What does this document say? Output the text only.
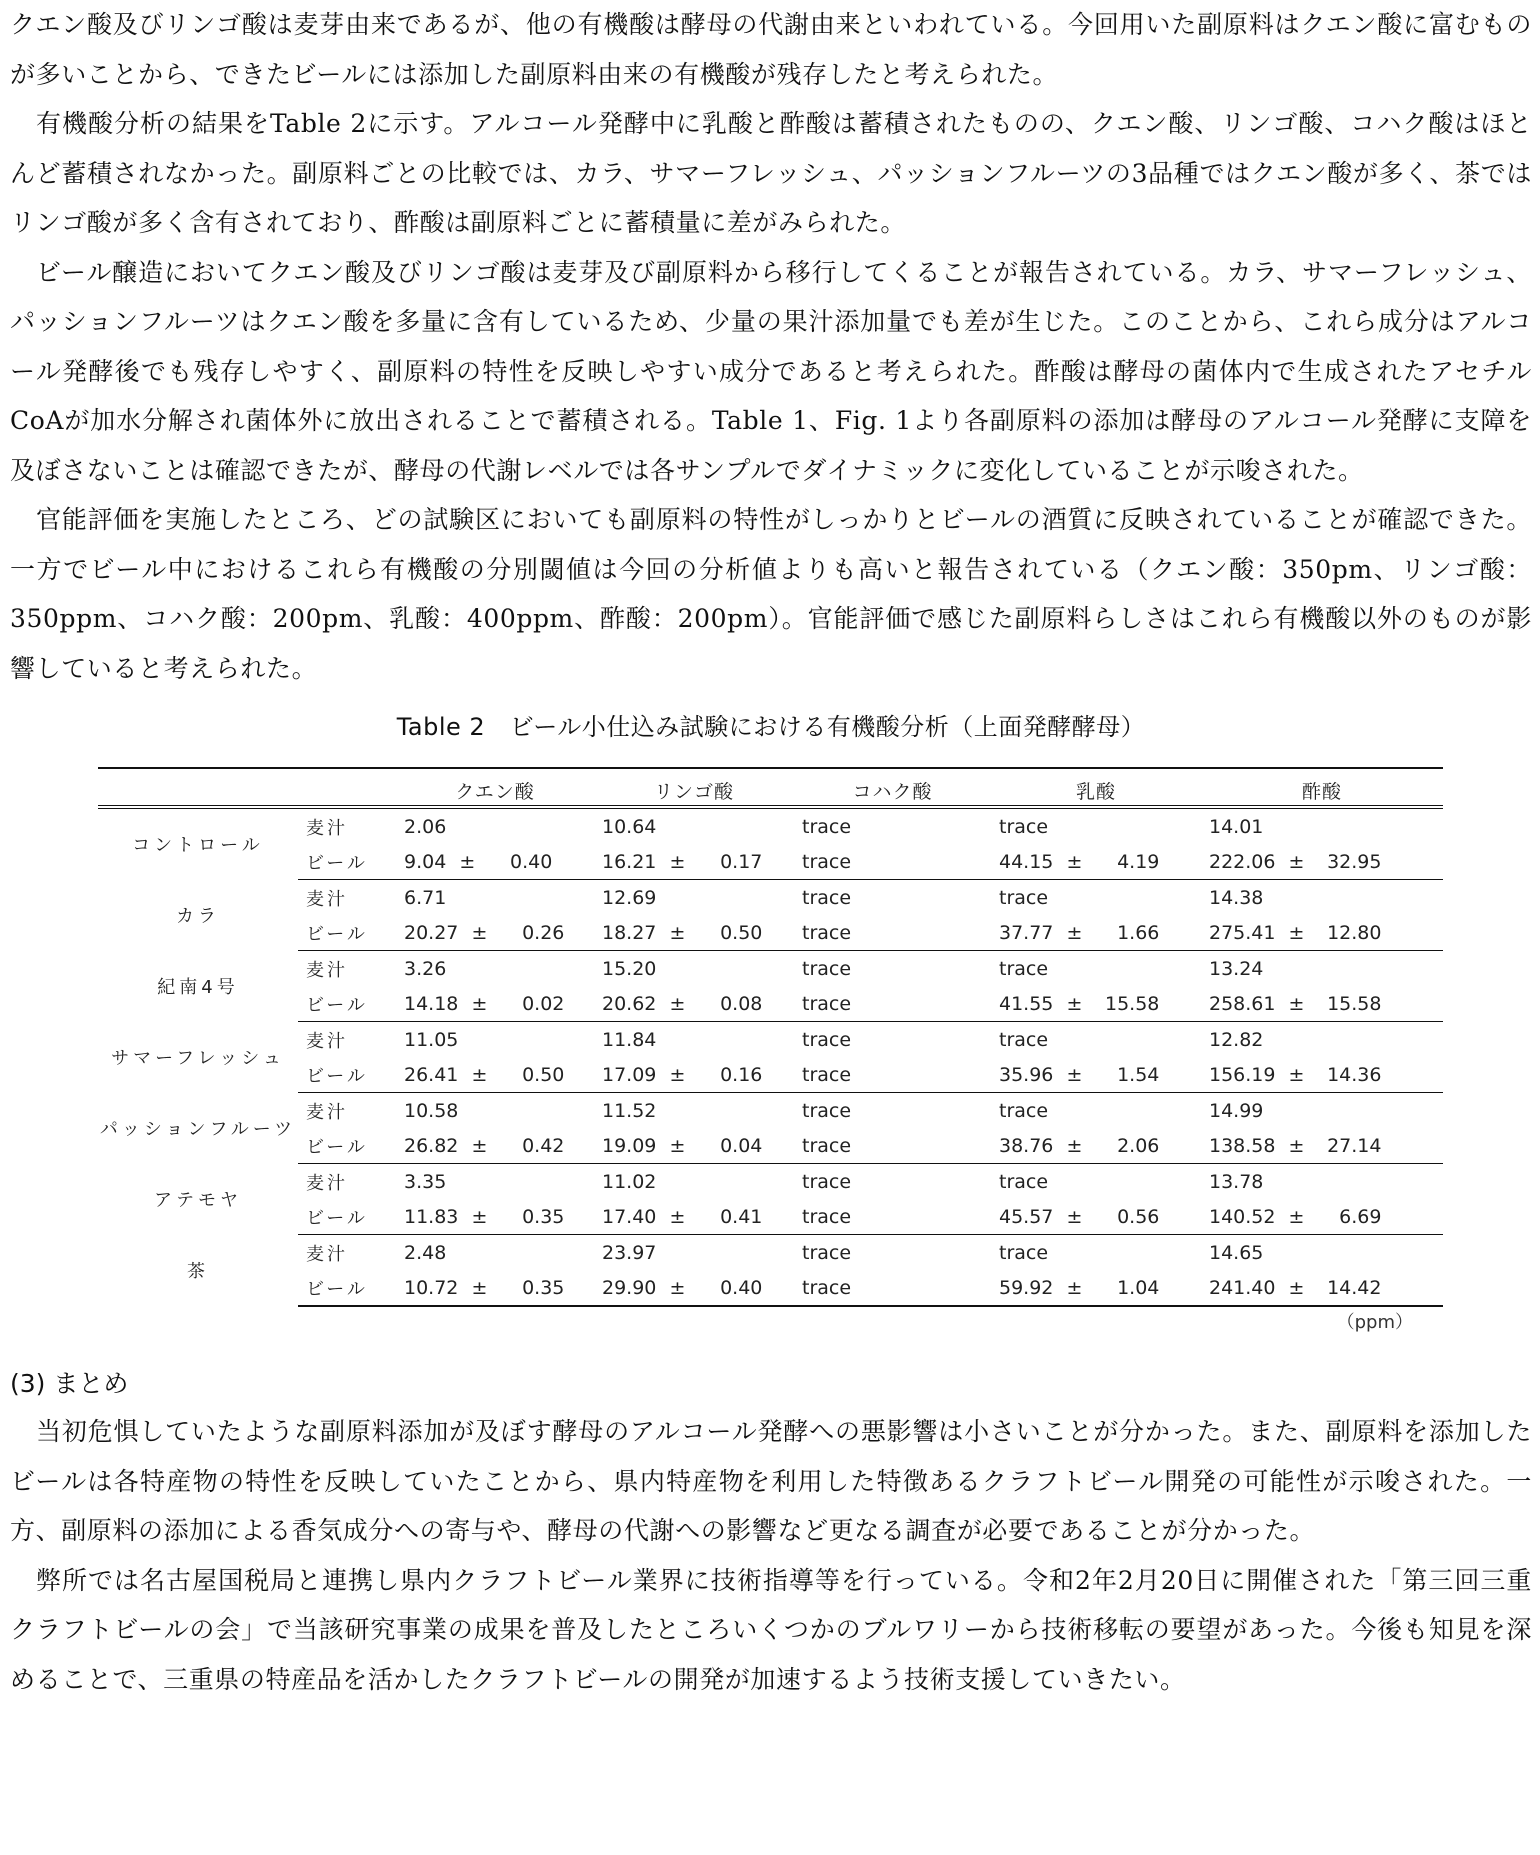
クエン酸及びリンゴ酸は麦芽由来であるが、他の有機酸は酵母の代謝由来といわれている。今回用いた副原料はクエン酸に富むものが多いことから、できたビールには添加した副原料由来の有機酸が残存したと考えられた。

有機酸分析の結果をTable 2に示す。アルコール発酵中に乳酸と酢酸は蓄積されたものの、クエン酸、リンゴ酸、コハク酸はほとんど蓄積されなかった。副原料ごとの比較では、カラ、サマーフレッシュ、パッションフルーツの3品種ではクエン酸が多く、茶ではリンゴ酸が多く含有されており、酢酸は副原料ごとに蓄積量に差がみられた。

ビール醸造においてクエン酸及びリンゴ酸は麦芽及び副原料から移行してくることが報告されている。カラ、サマーフレッシュ、パッションフルーツはクエン酸を多量に含有しているため、少量の果汁添加量でも差が生じた。このことから、これら成分はアルコール発酵後でも残存しやすく、副原料の特性を反映しやすい成分であると考えられた。酢酸は酵母の菌体内で生成されたアセチルCoAが加水分解され菌体外に放出されることで蓄積される。Table 1、Fig. 1より各副原料の添加は酵母のアルコール発酵に支障を及ぼさないことは確認できたが、酵母の代謝レベルでは各サンプルでダイナミックに変化していることが示唆された。

官能評価を実施したところ、どの試験区においても副原料の特性がしっかりとビールの酒質に反映されていることが確認できた。一方でビール中におけるこれら有機酸の分別閾値は今回の分析値よりも高いと報告されている（クエン酸：350pm、リンゴ酸：350ppm、コハク酸：200pm、乳酸：400ppm、酢酸：200pm）。官能評価で感じた副原料らしさはこれら有機酸以外のものが影響していると考えられた。

Table 2　ビール小仕込み試験における有機酸分析（上面発酵酵母）
		クエン酸	リンゴ酸	コハク酸	乳酸	酢酸
コントロール	麦汁	2.06	10.64	trace	trace	14.01
	ビール	9.04 ± 0.40	16.21 ± 0.17	trace	44.15 ± 4.19	222.06 ± 32.95
カラ	麦汁	6.71	12.69	trace	trace	14.38
	ビール	20.27 ± 0.26	18.27 ± 0.50	trace	37.77 ± 1.66	275.41 ± 12.80
紀南4号	麦汁	3.26	15.20	trace	trace	13.24
	ビール	14.18 ± 0.02	20.62 ± 0.08	trace	41.55 ± 15.58	258.61 ± 15.58
サマーフレッシュ	麦汁	11.05	11.84	trace	trace	12.82
	ビール	26.41 ± 0.50	17.09 ± 0.16	trace	35.96 ± 1.54	156.19 ± 14.36
パッションフルーツ	麦汁	10.58	11.52	trace	trace	14.99
	ビール	26.82 ± 0.42	19.09 ± 0.04	trace	38.76 ± 2.06	138.58 ± 27.14
アテモヤ	麦汁	3.35	11.02	trace	trace	13.78
	ビール	11.83 ± 0.35	17.40 ± 0.41	trace	45.57 ± 0.56	140.52 ± 6.69
茶	麦汁	2.48	23.97	trace	trace	14.65
	ビール	10.72 ± 0.35	29.90 ± 0.40	trace	59.92 ± 1.04	241.40 ± 14.42
（ppm）
(3) まとめ

当初危惧していたような副原料添加が及ぼす酵母のアルコール発酵への悪影響は小さいことが分かった。また、副原料を添加したビールは各特産物の特性を反映していたことから、県内特産物を利用した特徴あるクラフトビール開発の可能性が示唆された。一方、副原料の添加による香気成分への寄与や、酵母の代謝への影響など更なる調査が必要であることが分かった。

弊所では名古屋国税局と連携し県内クラフトビール業界に技術指導等を行っている。令和2年2月20日に開催された「第三回三重クラフトビールの会」で当該研究事業の成果を普及したところいくつかのブルワリーから技術移転の要望があった。今後も知見を深めることで、三重県の特産品を活かしたクラフトビールの開発が加速するよう技術支援していきたい。
